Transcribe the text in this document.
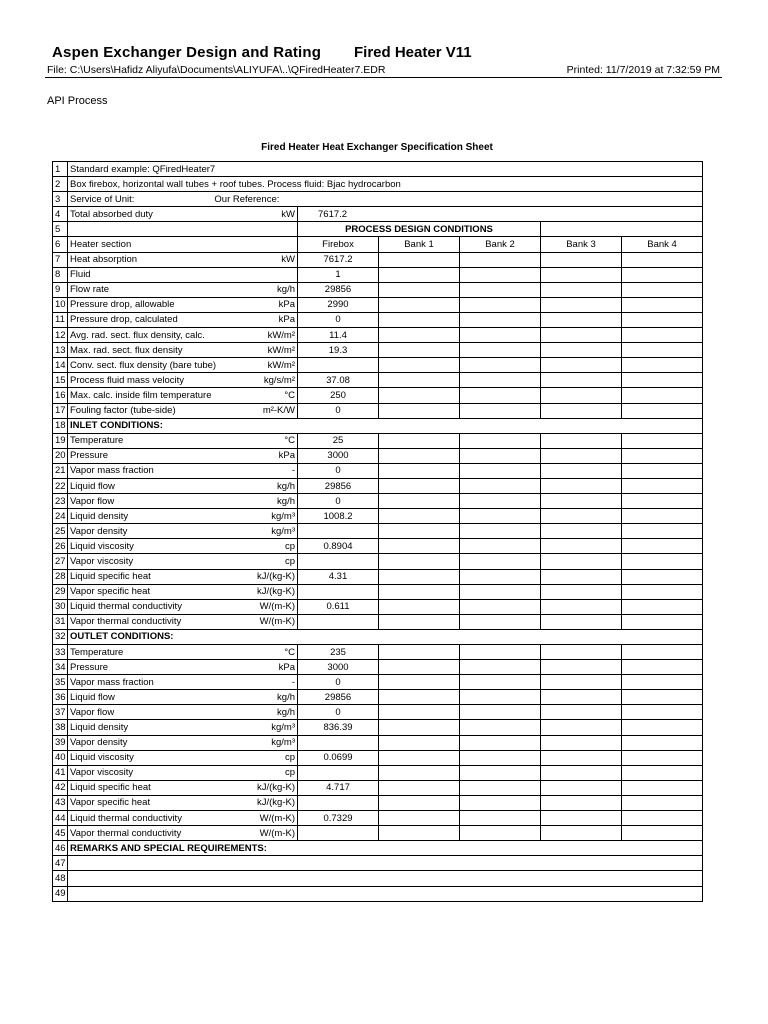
Aspen Exchanger Design and Rating Fired Heater V11
File: C:\Users\Hafidz Aliyufa\Documents\ALIYUFA\..\QFiredHeater7.EDR	Printed: 11/7/2019 at 7:32:59 PM
API Process
Fired Heater Heat Exchanger Specification Sheet
1	Standard example: QFiredHeater7						
2	Box firebox, horizontal wall tubes + roof tubes. Process fluid: Bjac hydrocarbon						
3	Service of Unit: Our Reference:						
4	Total absorbed duty	kW	7617.2				
5			PROCESS DESIGN CONDITIONS				
6	Heater section		Firebox	Bank 1	Bank 2	Bank 3	Bank 4
7	Heat absorption	kW	7617.2				
8	Fluid		1				
9	Flow rate	kg/h	29856				
10	Pressure drop, allowable	kPa	2990				
11	Pressure drop, calculated	kPa	0				
12	Avg. rad. sect. flux density, calc.	kW/m²	11.4				
13	Max. rad. sect. flux density	kW/m²	19.3				
14	Conv. sect. flux density (bare tube)	kW/m²					
15	Process fluid mass velocity	kg/s/m²	37.08				
16	Max. calc. inside film temperature	°C	250				
17	Fouling factor (tube-side)	m²-K/W	0				
18	INLET CONDITIONS:						
19	Temperature	°C	25				
20	Pressure	kPa	3000				
21	Vapor mass fraction	-	0				
22	Liquid flow	kg/h	29856				
23	Vapor flow	kg/h	0				
24	Liquid density	kg/m³	1008.2				
25	Vapor density	kg/m³					
26	Liquid viscosity	cp	0.8904				
27	Vapor viscosity	cp					
28	Liquid specific heat	kJ/(kg-K)	4.31				
29	Vapor specific heat	kJ/(kg-K)					
30	Liquid thermal conductivity	W/(m-K)	0.611				
31	Vapor thermal conductivity	W/(m-K)					
32	OUTLET CONDITIONS:						
33	Temperature	°C	235				
34	Pressure	kPa	3000				
35	Vapor mass fraction	-	0				
36	Liquid flow	kg/h	29856				
37	Vapor flow	kg/h	0				
38	Liquid density	kg/m³	836.39				
39	Vapor density	kg/m³					
40	Liquid viscosity	cp	0.0699				
41	Vapor viscosity	cp					
42	Liquid specific heat	kJ/(kg-K)	4.717				
43	Vapor specific heat	kJ/(kg-K)					
44	Liquid thermal conductivity	W/(m-K)	0.7329				
45	Vapor thermal conductivity	W/(m-K)					
46	REMARKS AND SPECIAL REQUIREMENTS:						
47							
48							
49							
